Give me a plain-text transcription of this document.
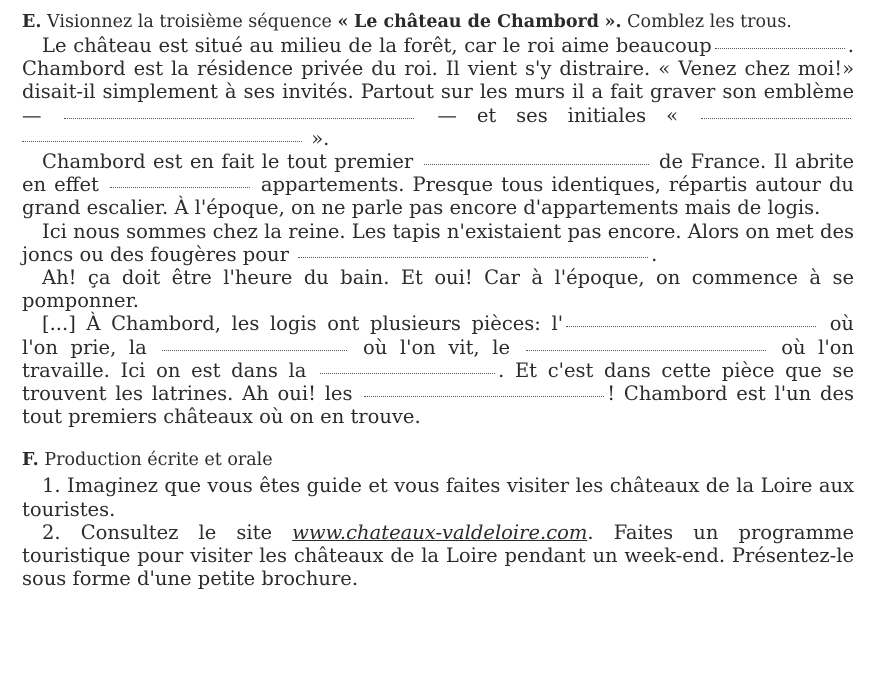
E. Visionnez la troisième séquence « Le château de Chambord ». Comblez les trous.

Le château est situé au milieu de la forêt, car le roi aime beaucoup	. Chambord est la résidence privée du roi. Il vient s'y distraire. « Venez chez moi!» disait-il simplement à ses invités. Partout sur les murs il a fait graver son emblème —	— et ses initiales «   ».

Chambord est en fait le tout premier	de France. Il abrite en effet	appartements. Presque tous identiques, répartis autour du grand escalier. À l'époque, on ne parle pas encore d'appartements mais de logis.

Ici nous sommes chez la reine. Les tapis n'existaient pas encore. Alors on met des joncs ou des fougères pour	.

Ah! ça doit être l'heure du bain. Et oui! Car à l'époque, on commence à se pomponner.

[...] À Chambord, les logis ont plusieurs pièces: l'	où l'on prie, la	où l'on vit, le	où l'on travaille. Ici on est dans la	. Et c'est dans cette pièce que se trouvent les latrines. Ah oui! les	! Chambord est l'un des tout premiers châteaux où on en trouve.

F. Production écrite et orale

1. Imaginez que vous êtes guide et vous faites visiter les châteaux de la Loire aux touristes.

2. Consultez le site www.chateaux-valdeloire.com. Faites un programme touristique pour visiter les châteaux de la Loire pendant un week-end. Présentez-le sous forme d'une petite brochure.
